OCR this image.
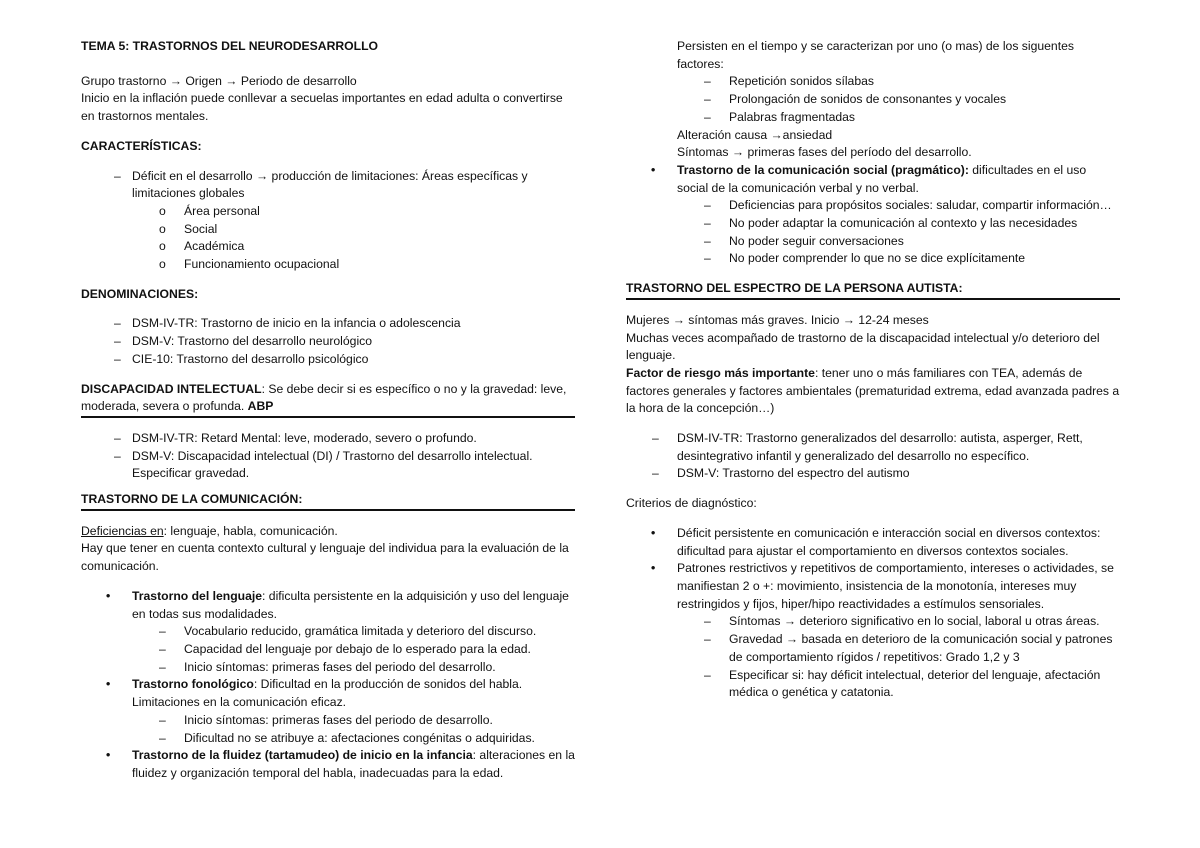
TEMA 5: TRASTORNOS DEL NEURODESARROLLO

Grupo trastorno → Origen → Periodo de desarrollo

Inicio en la inflación puede conllevar a secuelas importantes en edad adulta o convertirse en trastornos mentales.

CARACTERÍSTICAS:

– Déficit en el desarrollo → producción de limitaciones: Áreas específicas y limitaciones globales

o Área personal

o Social

o Académica

o Funcionamiento ocupacional

DENOMINACIONES:

– DSM-IV-TR: Trastorno de inicio en la infancia o adolescencia

– DSM-V: Trastorno del desarrollo neurológico

– CIE-10: Trastorno del desarrollo psicológico

DISCAPACIDAD INTELECTUAL: Se debe decir si es específico o no y la gravedad: leve, moderada, severa o profunda. ABP

– DSM-IV-TR: Retard Mental: leve, moderado, severo o profundo.

– DSM-V: Discapacidad intelectual (DI) / Trastorno del desarrollo intelectual. Especificar gravedad.

TRASTORNO DE LA COMUNICACIÓN:

Deficiencias en: lenguaje, habla, comunicación.

Hay que tener en cuenta contexto cultural y lenguaje del individua para la evaluación de la comunicación.

• Trastorno del lenguaje: dificulta persistente en la adquisición y uso del lenguaje en todas sus modalidades.

– Vocabulario reducido, gramática limitada y deterioro del discurso.

– Capacidad del lenguaje por debajo de lo esperado para la edad.

– Inicio síntomas: primeras fases del periodo del desarrollo.

• Trastorno fonológico: Dificultad en la producción de sonidos del habla. Limitaciones en la comunicación eficaz.

– Inicio síntomas: primeras fases del periodo de desarrollo.

– Dificultad no se atribuye a: afectaciones congénitas o adquiridas.

• Trastorno de la fluidez (tartamudeo) de inicio en la infancia: alteraciones en la fluidez y organización temporal del habla, inadecuadas para la edad.

Persisten en el tiempo y se caracterizan por uno (o mas) de los siguentes factores:

– Repetición sonidos sílabas

– Prolongación de sonidos de consonantes y vocales

– Palabras fragmentadas

Alteración causa →ansiedad

Síntomas → primeras fases del período del desarrollo.

• Trastorno de la comunicación social (pragmático): dificultades en el uso social de la comunicación verbal y no verbal.

– Deficiencias para propósitos sociales: saludar, compartir información…

– No poder adaptar la comunicación al contexto y las necesidades

– No poder seguir conversaciones

– No poder comprender lo que no se dice explícitamente

TRASTORNO DEL ESPECTRO DE LA PERSONA AUTISTA:

Mujeres → síntomas más graves. Inicio → 12-24 meses

Muchas veces acompañado de trastorno de la discapacidad intelectual y/o deterioro del lenguaje.

Factor de riesgo más importante: tener uno o más familiares con TEA, además de factores generales y factores ambientales (prematuridad extrema, edad avanzada padres a la hora de la concepción…)

– DSM-IV-TR: Trastorno generalizados del desarrollo: autista, asperger, Rett, desintegrativo infantil y generalizado del desarrollo no específico.

– DSM-V: Trastorno del espectro del autismo

Criterios de diagnóstico:

• Déficit persistente en comunicación e interacción social en diversos contextos: dificultad para ajustar el comportamiento en diversos contextos sociales.

• Patrones restrictivos y repetitivos de comportamiento, intereses o actividades, se manifiestan 2 o +: movimiento, insistencia de la monotonía, intereses muy restringidos y fijos, hiper/hipo reactividades a estímulos sensoriales.

– Síntomas → deterioro significativo en lo social, laboral u otras áreas.

– Gravedad → basada en deterioro de la comunicación social y patrones de comportamiento rígidos / repetitivos: Grado 1,2 y 3

– Especificar si: hay déficit intelectual, deterior del lenguaje, afectación médica o genética y catatonia.
